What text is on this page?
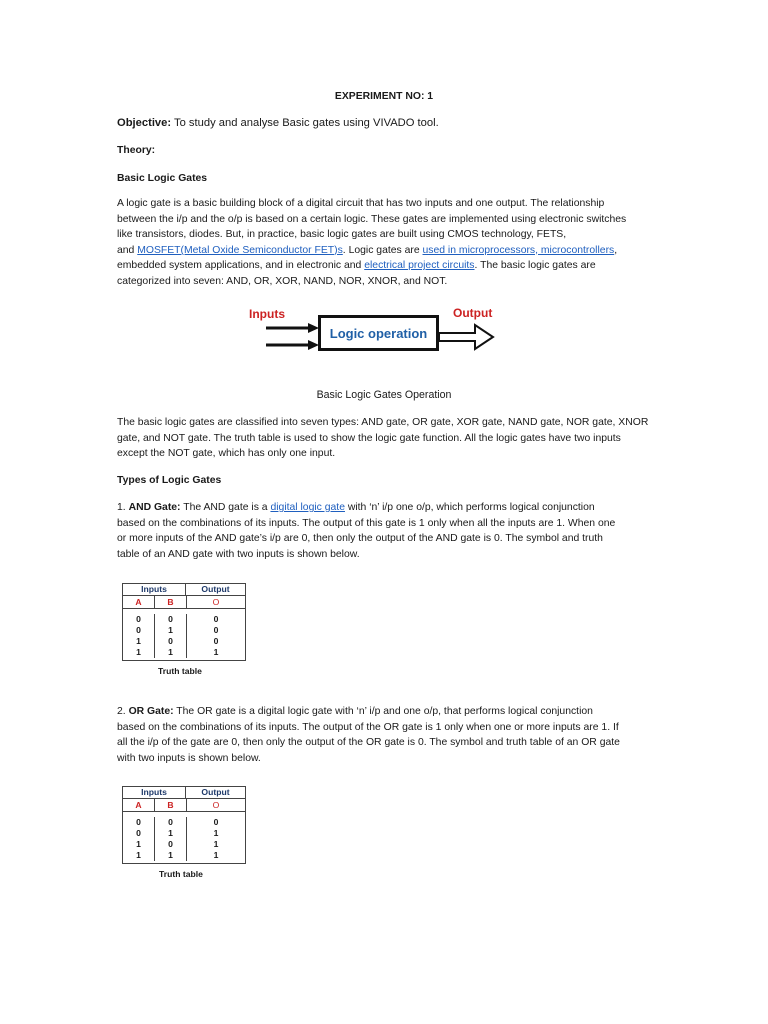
EXPERIMENT NO: 1
Objective: To study and analyse Basic gates using VIVADO tool.
Theory:
Basic Logic Gates
A logic gate is a basic building block of a digital circuit that has two inputs and one output. The relationship
between the i/p and the o/p is based on a certain logic. These gates are implemented using electronic switches
like transistors, diodes. But, in practice, basic logic gates are built using CMOS technology, FETS,
and MOSFET(Metal Oxide Semiconductor FET)s. Logic gates are used in microprocessors, microcontrollers,
embedded system applications, and in electronic and electrical project circuits. The basic logic gates are
categorized into seven: AND, OR, XOR, NAND, NOR, XNOR, and NOT.
Inputs	Output
Logic operation
Basic Logic Gates Operation
The basic logic gates are classified into seven types: AND gate, OR gate, XOR gate, NAND gate, NOR gate, XNOR
gate, and NOT gate. The truth table is used to show the logic gate function. All the logic gates have two inputs
except the NOT gate, which has only one input.
Types of Logic Gates
1. AND Gate: The AND gate is a digital logic gate with ‘n’ i/p one o/p, which performs logical conjunction
based on the combinations of its inputs. The output of this gate is 1 only when all the inputs are 1. When one
or more inputs of the AND gate’s i/p are 0, then only the output of the AND gate is 0. The symbol and truth
table of an AND gate with two inputs is shown below.
Inputs	Output
A	B	O
0	0	0
0	1	0
1	0	0
1	1	1
Truth table
2. OR Gate: The OR gate is a digital logic gate with ‘n’ i/p and one o/p, that performs logical conjunction
based on the combinations of its inputs. The output of the OR gate is 1 only when one or more inputs are 1. If
all the i/p of the gate are 0, then only the output of the OR gate is 0. The symbol and truth table of an OR gate
with two inputs is shown below.
Inputs	Output
A	B	O
0	0	0
0	1	1
1	0	1
1	1	1
Truth table
